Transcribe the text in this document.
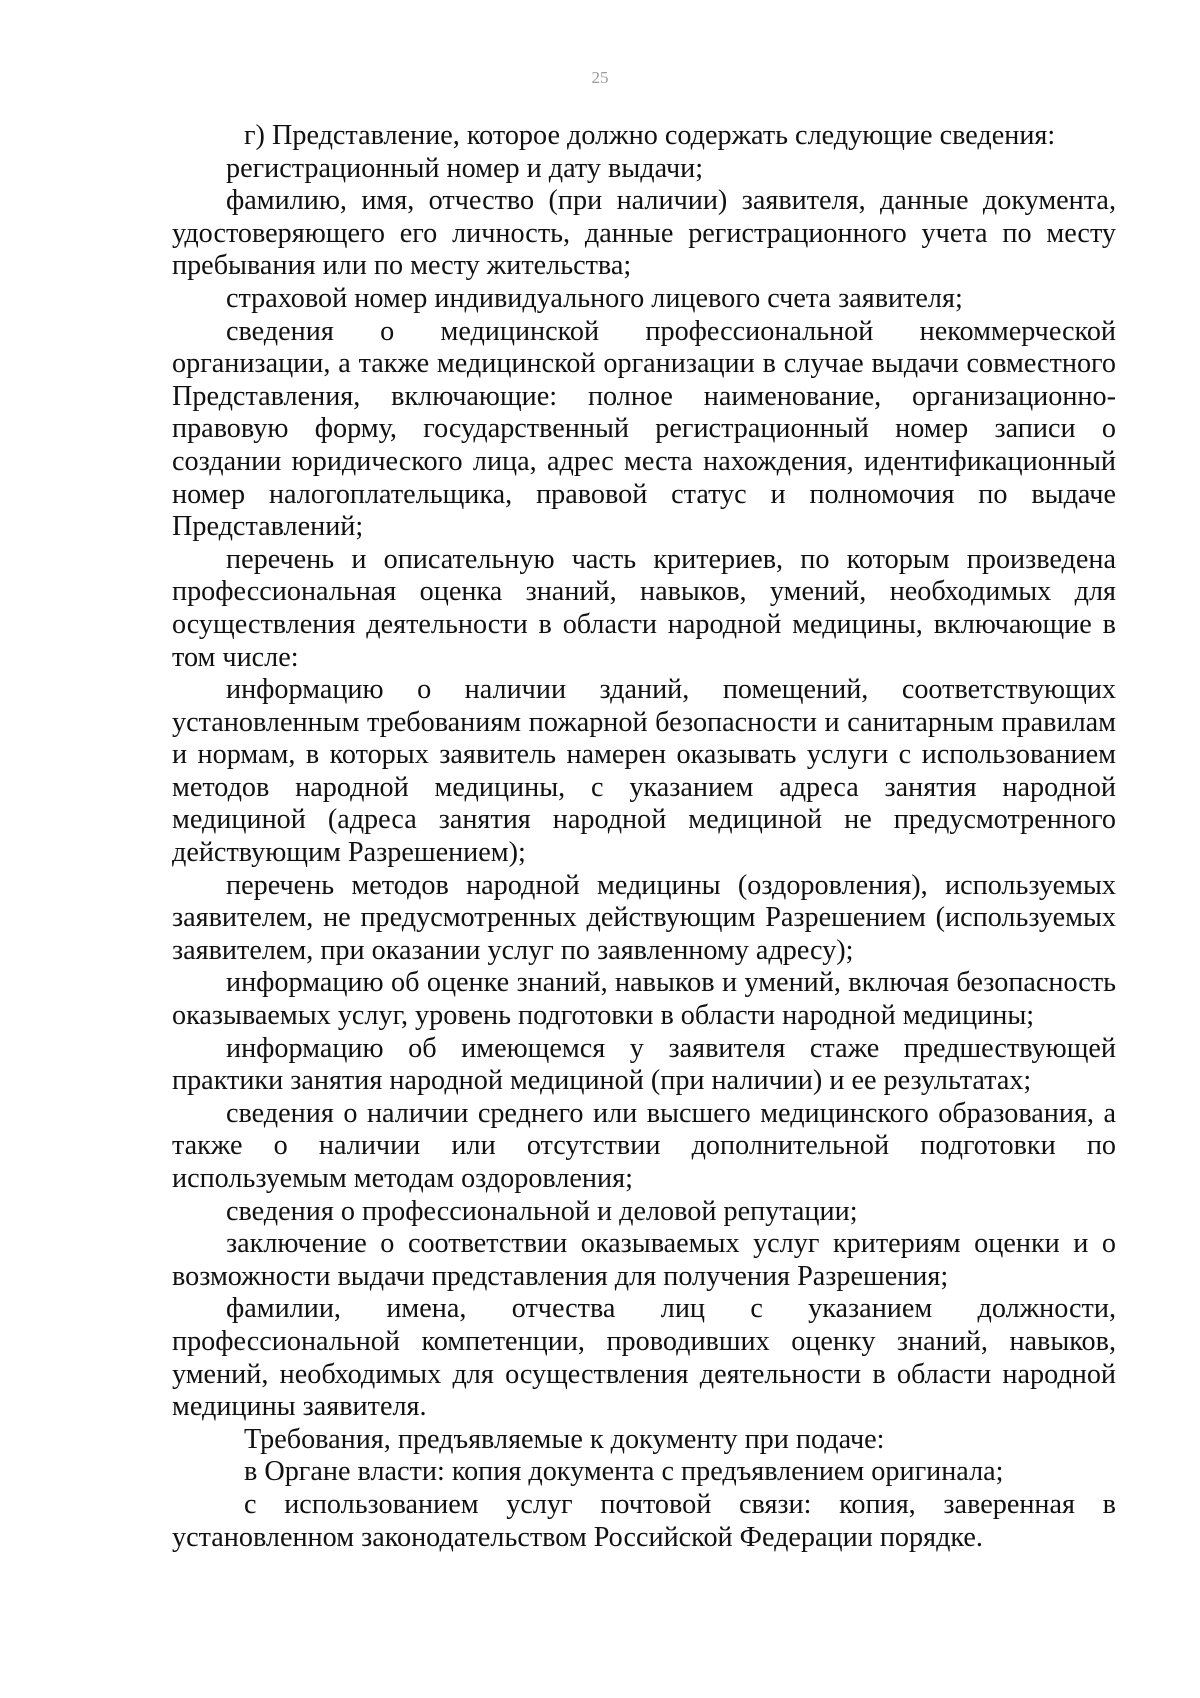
25

г) Представление, которое должно содержать следующие сведения:

регистрационный номер и дату выдачи;

фамилию, имя, отчество (при наличии) заявителя, данные документа, удостоверяющего его личность, данные регистрационного учета по месту пребывания или по месту жительства;

страховой номер индивидуального лицевого счета заявителя;

сведения о медицинской профессиональной некоммерческой организации, а также медицинской организации в случае выдачи совместного Представления, включающие: полное наименование, организационно-правовую форму, государственный регистрационный номер записи о создании юридического лица, адрес места нахождения, идентификационный номер налогоплательщика, правовой статус и полномочия по выдаче Представлений;

перечень и описательную часть критериев, по которым произведена профессиональная оценка знаний, навыков, умений, необходимых для осуществления деятельности в области народной медицины, включающие в том числе:

информацию о наличии зданий, помещений, соответствующих установленным требованиям пожарной безопасности и санитарным правилам и нормам, в которых заявитель намерен оказывать услуги с использованием методов народной медицины, с указанием адреса занятия народной медициной (адреса занятия народной медициной не предусмотренного действующим Разрешением);

перечень методов народной медицины (оздоровления), используемых заявителем, не предусмотренных действующим Разрешением (используемых заявителем, при оказании услуг по заявленному адресу);

информацию об оценке знаний, навыков и умений, включая безопасность оказываемых услуг, уровень подготовки в области народной медицины;

информацию об имеющемся у заявителя стаже предшествующей практики занятия народной медициной (при наличии) и ее результатах;

сведения о наличии среднего или высшего медицинского образования, а также о наличии или отсутствии дополнительной подготовки по используемым методам оздоровления;

сведения о профессиональной и деловой репутации;

заключение о соответствии оказываемых услуг критериям оценки и о возможности выдачи представления для получения Разрешения;

фамилии, имена, отчества лиц с указанием должности, профессиональной компетенции, проводивших оценку знаний, навыков, умений, необходимых для осуществления деятельности в области народной медицины заявителя.

Требования, предъявляемые к документу при подаче:

в Органе власти: копия документа с предъявлением оригинала;

с использованием услуг почтовой связи: копия, заверенная в установленном законодательством Российской Федерации порядке.
